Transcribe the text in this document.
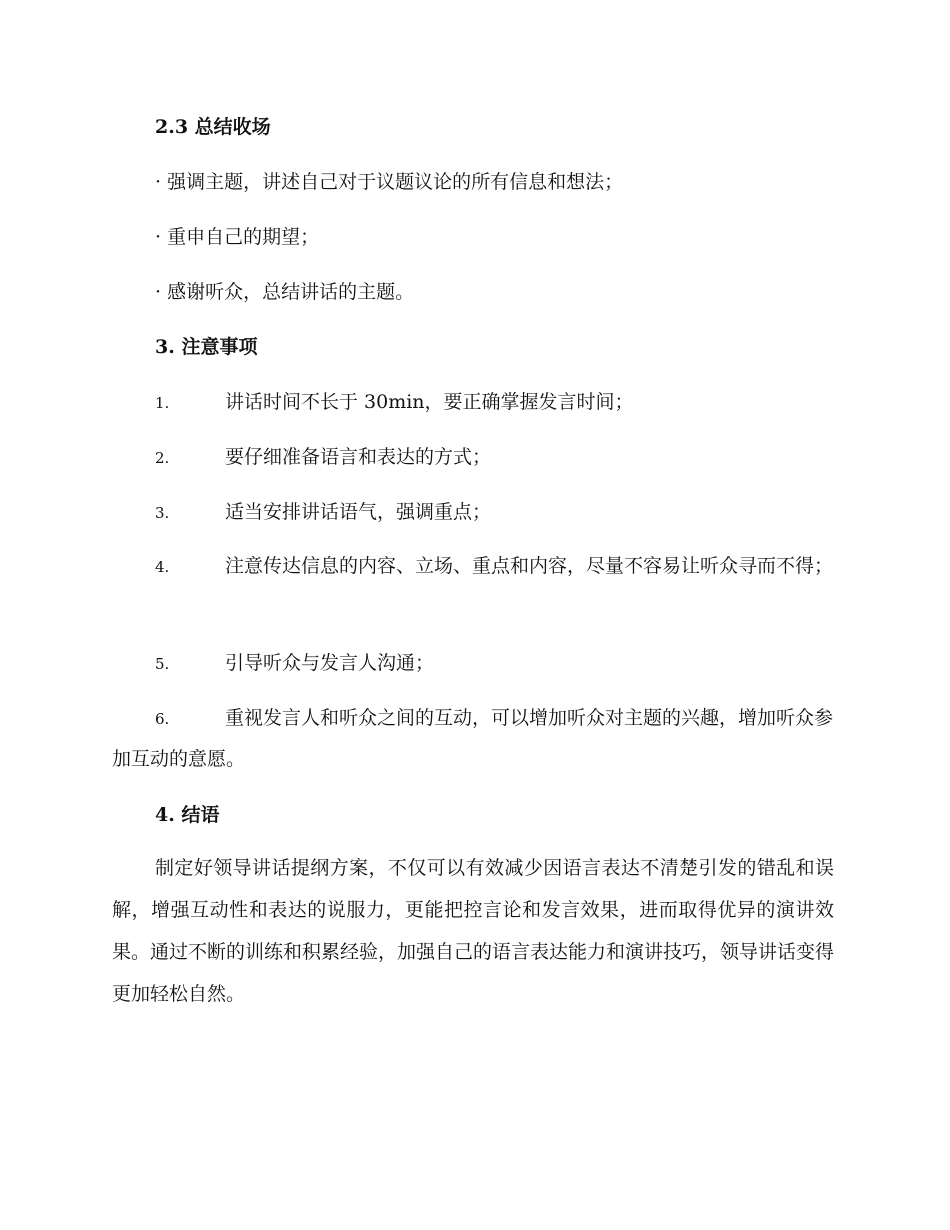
2.3 总结收场
· 强调主题，讲述自己对于议题议论的所有信息和想法；
· 重申自己的期望；
· 感谢听众，总结讲话的主题。
3. 注意事项
1.	讲话时间不长于 30min，要正确掌握发言时间；
2.	要仔细准备语言和表达的方式；
3.	适当安排讲话语气，强调重点；
4.	注意传达信息的内容、立场、重点和内容，尽量不容易让听众寻而不得；
5.	引导听众与发言人沟通；
6.	重视发言人和听众之间的互动，可以增加听众对主题的兴趣，增加听众参加互动的意愿。
4. 结语
制定好领导讲话提纲方案，不仅可以有效减少因语言表达不清楚引发的错乱和误解，增强互动性和表达的说服力，更能把控言论和发言效果，进而取得优异的演讲效果。通过不断的训练和积累经验，加强自己的语言表达能力和演讲技巧，领导讲话变得更加轻松自然。
